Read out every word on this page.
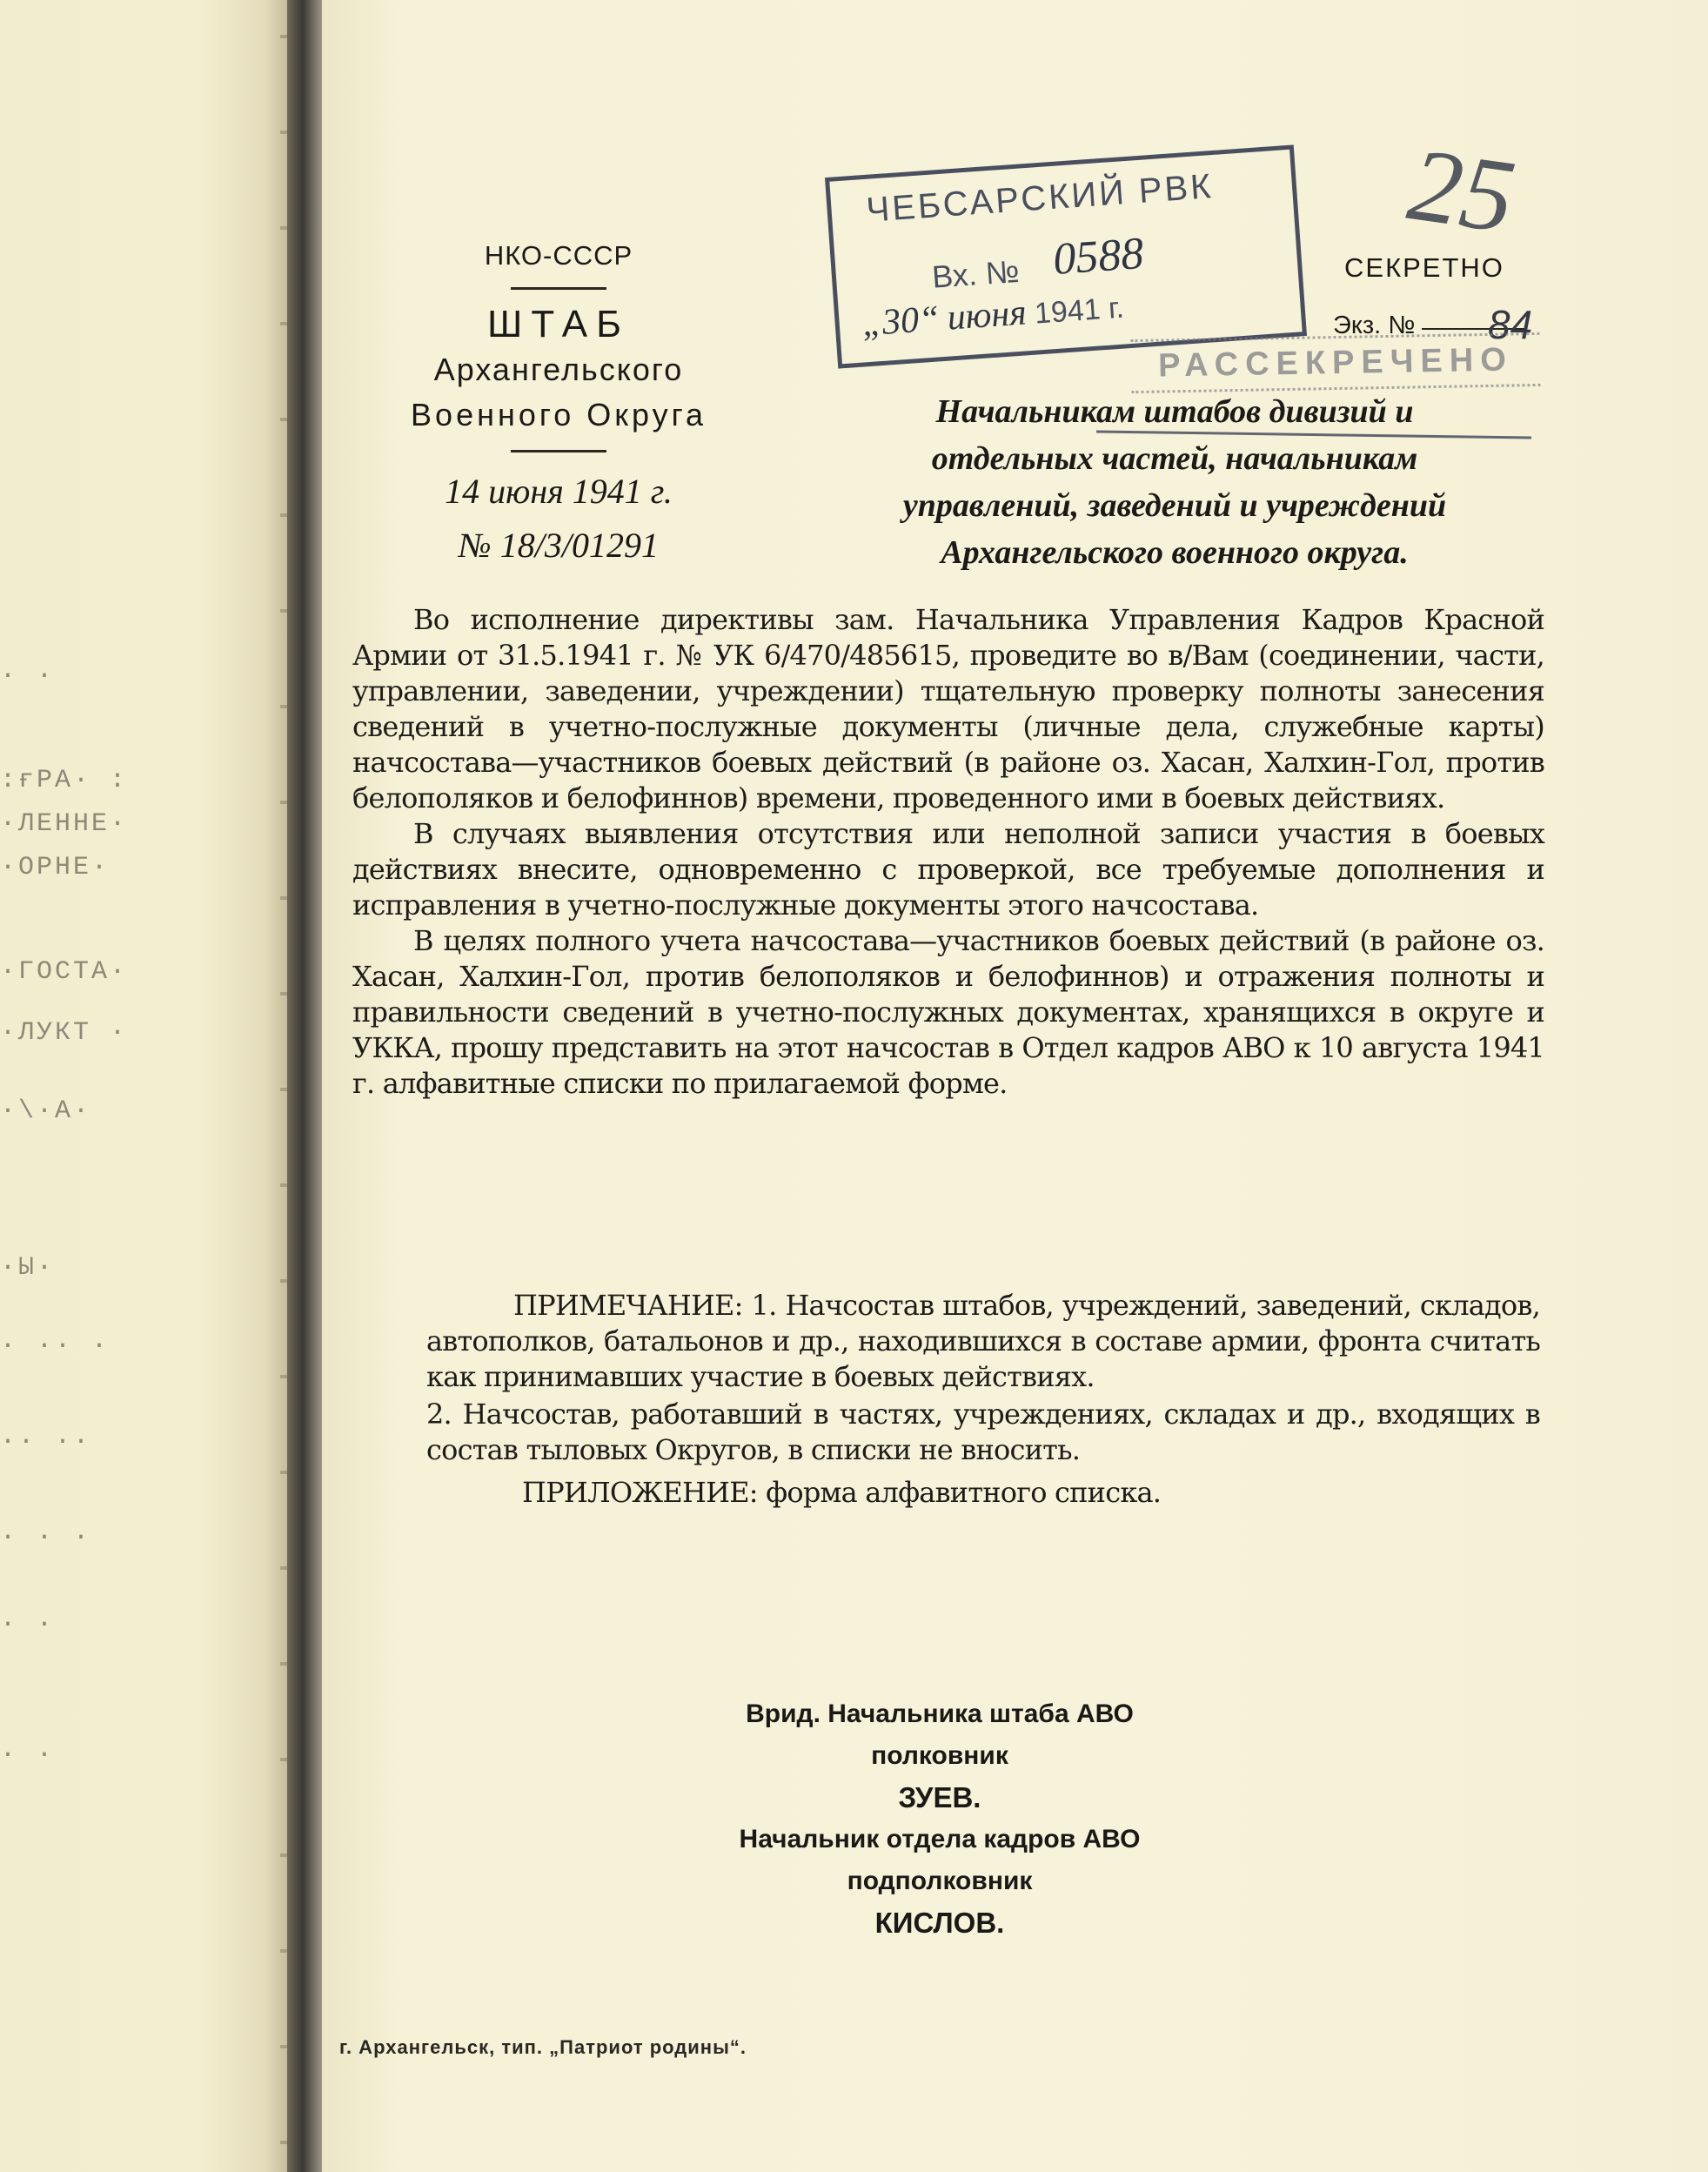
· ·
:ғРА· :
·ЛЕННЕ·
·ОРНЕ·
·ГОСТА·
·ЛУКТ ·
·\·А·
·Ы·
· ·· ·
·· ··
· · ·
· ·
· ·

НКО-СССР

ШТАБ

Архангельского

Военного Округа

14 июня 1941 г.

№ 18/3/01291

ЧЕБСАРСКИЙ РВК
Вх. № 0588
„30“ июня 1941 г.
25
СЕКРЕТНО
Экз. № 84
РАССЕКРЕЧЕНО

Начальникам штабов дивизий и

отдельных частей, начальникам

управлений, заведений и учреждений

Архангельского военного округа.

Во исполнение директивы зам. Начальника Управления Кадров Красной Армии от 31.5.1941 г. № УК 6/470/485615, проведите во в/Вам (соединении, части, управлении, заведении, учреждении) тщательную проверку полноты занесения сведений в учетно-послужные документы (личные дела, служебные карты) начсостава—участников боевых действий (в районе оз. Хасан, Халхин-Гол, против белополяков и белофиннов) времени, проведенного ими в боевых действиях.

В случаях выявления отсутствия или неполной записи участия в боевых действиях внесите, одновременно с проверкой, все требуемые дополнения и исправления в учетно-послужные документы этого начсостава.

В целях полного учета начсостава—участников боевых действий (в районе оз. Хасан, Халхин-Гол, против белополяков и белофиннов) и отражения полноты и правильности сведений в учетно-послужных документах, хранящихся в округе и УККА, прошу представить на этот начсостав в Отдел кадров АВО к 10 августа 1941 г. алфавитные списки по прилагаемой форме.

ПРИМЕЧАНИЕ: 1. Начсостав штабов, учреждений, заведений, складов, автополков, батальонов и др., находившихся в составе армии, фронта считать как принимавших участие в боевых действиях.

2. Начсостав, работавший в частях, учреждениях, складах и др., входящих в состав тыловых Округов, в списки не вносить.

ПРИЛОЖЕНИЕ: форма алфавитного списка.

Врид. Начальника штаба АВО

полковник

ЗУЕВ.

Начальник отдела кадров АВО

подполковник

КИСЛОВ.

г. Архангельск, тип. „Патриот родины“.
